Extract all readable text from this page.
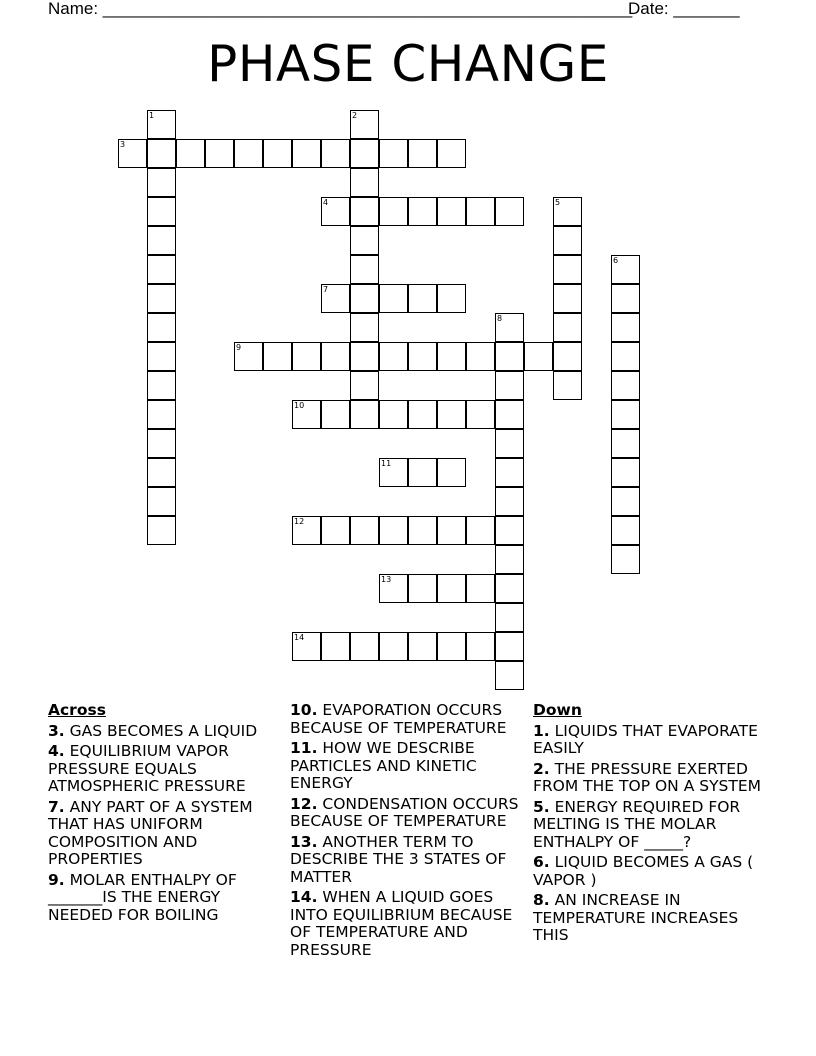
Name: ________________________________________________________
Date: _______
PHASE CHANGE
1	2
3
4	5
6
7
8
9
10
11
12
13
14
Across
3. GAS BECOMES A LIQUID
4. EQUILIBRIUM VAPOR PRESSURE EQUALS ATMOSPHERIC PRESSURE
7. ANY PART OF A SYSTEM THAT HAS UNIFORM COMPOSITION AND PROPERTIES
9. MOLAR ENTHALPY OF _______IS THE ENERGY NEEDED FOR BOILING
10. EVAPORATION OCCURS BECAUSE OF TEMPERATURE
11. HOW WE DESCRIBE PARTICLES AND KINETIC ENERGY
12. CONDENSATION OCCURS BECAUSE OF TEMPERATURE
13. ANOTHER TERM TO DESCRIBE THE 3 STATES OF MATTER
14. WHEN A LIQUID GOES INTO EQUILIBRIUM BECAUSE OF TEMPERATURE AND PRESSURE
Down
1. LIQUIDS THAT EVAPORATE EASILY
2. THE PRESSURE EXERTED FROM THE TOP ON A SYSTEM
5. ENERGY REQUIRED FOR MELTING IS THE MOLAR ENTHALPY OF _____?
6. LIQUID BECOMES A GAS ( VAPOR )
8. AN INCREASE IN TEMPERATURE INCREASES THIS
